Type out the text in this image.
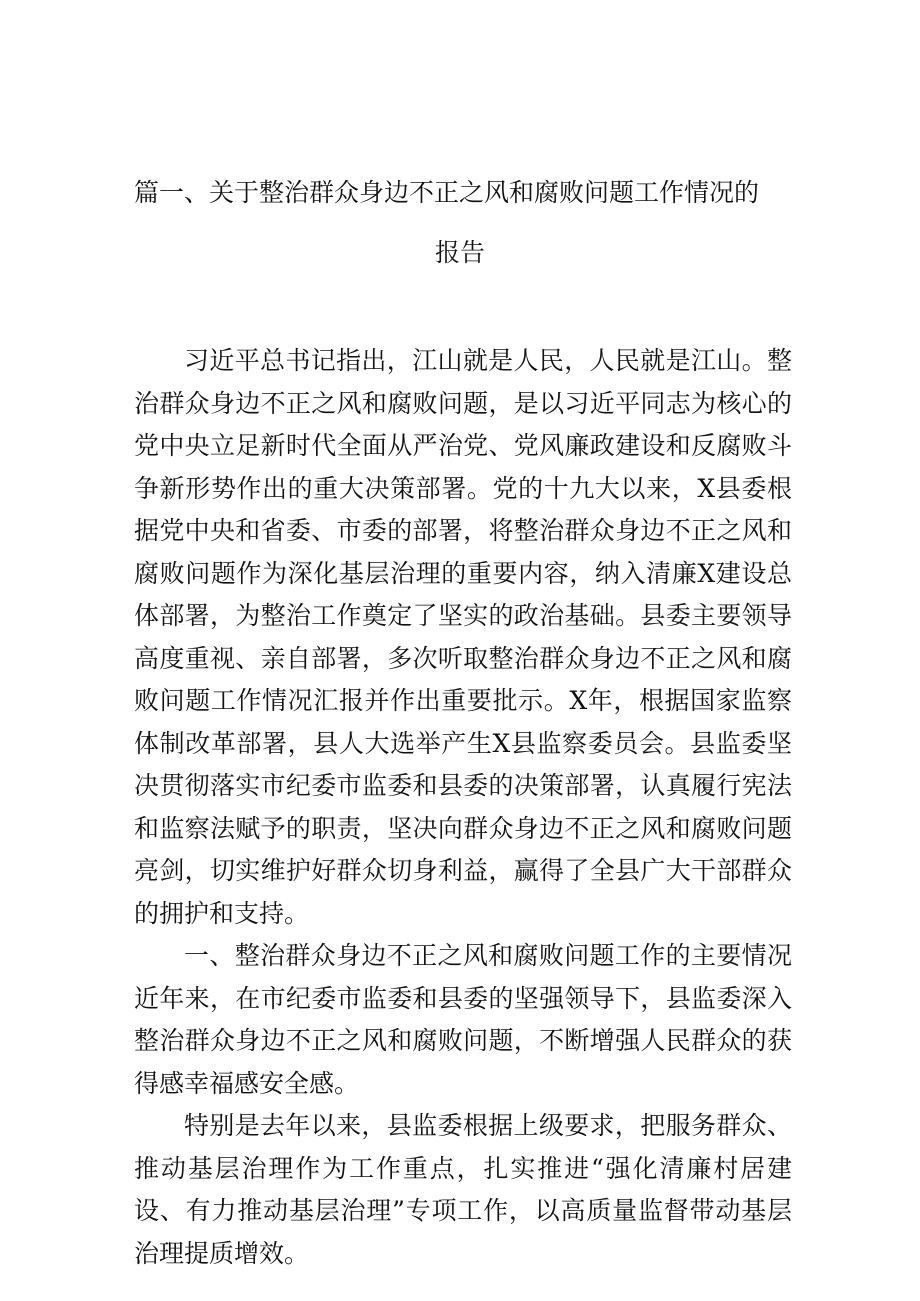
篇一、关于整治群众身边不正之风和腐败问题工作情况的
报告

习近平总书记指出，江山就是人民，人民就是江山。整治群众身边不正之风和腐败问题，是以习近平同志为核心的党中央立足新时代全面从严治党、党风廉政建设和反腐败斗争新形势作出的重大决策部署。党的十九大以来，X县委根据党中央和省委、市委的部署，将整治群众身边不正之风和腐败问题作为深化基层治理的重要内容，纳入清廉X建设总体部署，为整治工作奠定了坚实的政治基础。县委主要领导高度重视、亲自部署，多次听取整治群众身边不正之风和腐败问题工作情况汇报并作出重要批示。X年，根据国家监察体制改革部署，县人大选举产生X县监察委员会。县监委坚决贯彻落实市纪委市监委和县委的决策部署，认真履行宪法和监察法赋予的职责，坚决向群众身边不正之风和腐败问题亮剑，切实维护好群众切身利益，赢得了全县广大干部群众的拥护和支持。

一、整治群众身边不正之风和腐败问题工作的主要情况近年来，在市纪委市监委和县委的坚强领导下，县监委深入整治群众身边不正之风和腐败问题，不断增强人民群众的获得感幸福感安全感。

特别是去年以来，县监委根据上级要求，把服务群众、推动基层治理作为工作重点，扎实推进“强化清廉村居建设、有力推动基层治理”专项工作，以高质量监督带动基层治理提质增效。
